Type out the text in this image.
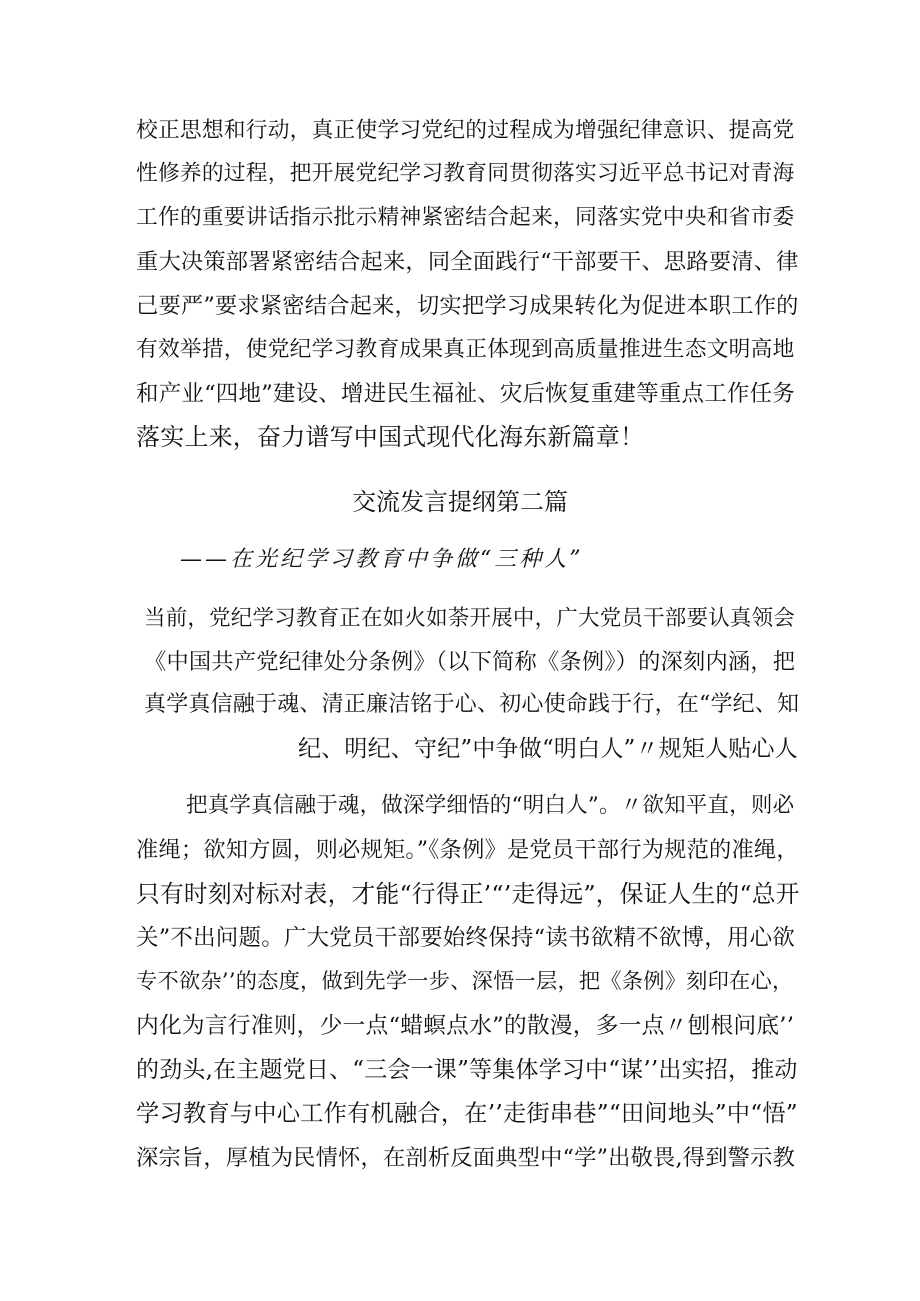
校正思想和行动，真正使学习党纪的过程成为增强纪律意识、提高党
性修养的过程，把开展党纪学习教育同贯彻落实习近平总书记对青海
工作的重要讲话指示批示精神紧密结合起来，同落实党中央和省市委
重大决策部署紧密结合起来，同全面践行“干部要干、思路要清、律
己要严”要求紧密结合起来，切实把学习成果转化为促进本职工作的
有效举措，使党纪学习教育成果真正体现到高质量推进生态文明高地
和产业“四地”建设、增进民生福祉、灾后恢复重建等重点工作任务
落实上来，奋力谱写中国式现代化海东新篇章！
交流发言提纲第二篇
——在光纪学习教育中争做“三种人”
当前，党纪学习教育正在如火如荼开展中，广大党员干部要认真领会
《中国共产党纪律处分条例》（以下简称《条例》）的深刻内涵，把
真学真信融于魂、清正廉洁铭于心、初心使命践于行，在“学纪、知
纪、明纪、守纪”中争做“明白人”〃规矩人贴心人
把真学真信融于魂，做深学细悟的“明白人”。〃欲知平直，则必
准绳；欲知方圆，则必规矩。”《条例》是党员干部行为规范的准绳，
只有时刻对标对表，才能“行得正’“’走得远”，保证人生的“总开
关”不出问题。广大党员干部要始终保持“读书欲精不欲博，用心欲
专不欲杂’’的态度，做到先学一步、深悟一层，把《条例》刻印在心，
内化为言行准则，少一点“蜡螟点水”的散漫，多一点〃刨根问底’’
的劲头,在主题党日、“三会一课”等集体学习中“谋’’出实招，推动
学习教育与中心工作有机融合，在’’走街串巷”“田间地头”中“悟”
深宗旨，厚植为民情怀，在剖析反面典型中“学”出敬畏,得到警示教
